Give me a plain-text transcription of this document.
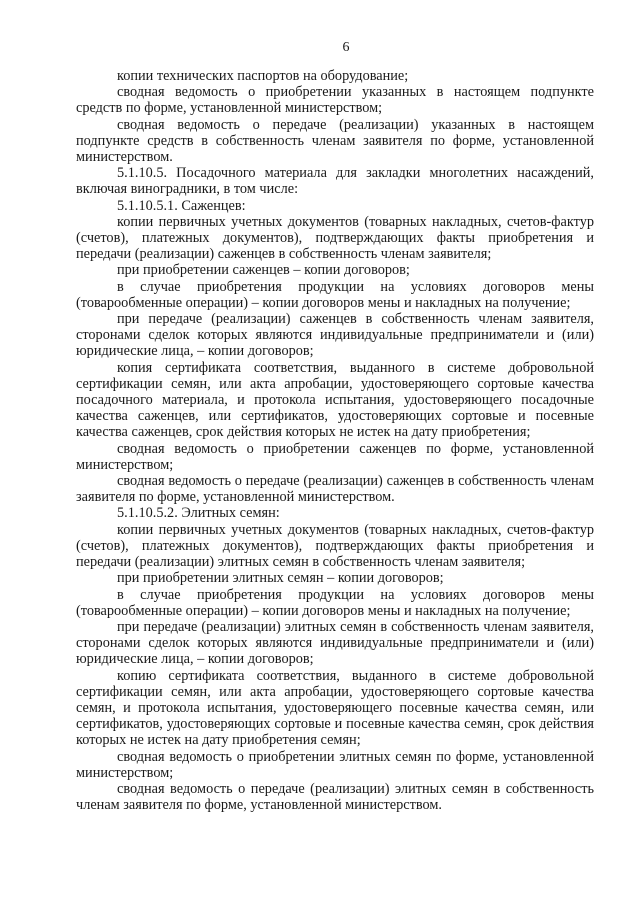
6

копии технических паспортов на оборудование;

сводная ведомость о приобретении указанных в настоящем подпункте средств по форме, установленной министерством;

сводная ведомость о передаче (реализации) указанных в настоящем подпункте средств в собственность членам заявителя по форме, установленной министерством.

5.1.10.5. Посадочного материала для закладки многолетних насаждений, включая виноградники, в том числе:

5.1.10.5.1. Саженцев:

копии первичных учетных документов (товарных накладных, счетов-фактур (счетов), платежных документов), подтверждающих факты приобретения и передачи (реализации) саженцев в собственность членам заявителя;

при приобретении саженцев – копии договоров;

в случае приобретения продукции на условиях договоров мены (товарообменные операции) – копии договоров мены и накладных на получение;

при передаче (реализации) саженцев в собственность членам заявителя, сторонами сделок которых являются индивидуальные предприниматели и (или) юридические лица, – копии договоров;

копия сертификата соответствия, выданного в системе добровольной сертификации семян, или акта апробации, удостоверяющего сортовые качества посадочного материала, и протокола испытания, удостоверяющего посадочные качества саженцев, или сертификатов, удостоверяющих сортовые и посевные качества саженцев, срок действия которых не истек на дату приобретения;

сводная ведомость о приобретении саженцев по форме, установленной министерством;

сводная ведомость о передаче (реализации) саженцев в собственность членам заявителя по форме, установленной министерством.

5.1.10.5.2. Элитных семян:

копии первичных учетных документов (товарных накладных, счетов-фактур (счетов), платежных документов), подтверждающих факты приобретения и передачи (реализации) элитных семян в собственность членам заявителя;

при приобретении элитных семян – копии договоров;

в случае приобретения продукции на условиях договоров мены (товарообменные операции) – копии договоров мены и накладных на получение;

при передаче (реализации) элитных семян в собственность членам заявителя, сторонами сделок которых являются индивидуальные предприниматели и (или) юридические лица, – копии договоров;

копию сертификата соответствия, выданного в системе добровольной сертификации семян, или акта апробации, удостоверяющего сортовые качества семян, и протокола испытания, удостоверяющего посевные качества семян, или сертификатов, удостоверяющих сортовые и посевные качества семян, срок действия которых не истек на дату приобретения семян;

сводная ведомость о приобретении элитных семян по форме, установленной министерством;

сводная ведомость о передаче (реализации) элитных семян в собственность членам заявителя по форме, установленной министерством.
